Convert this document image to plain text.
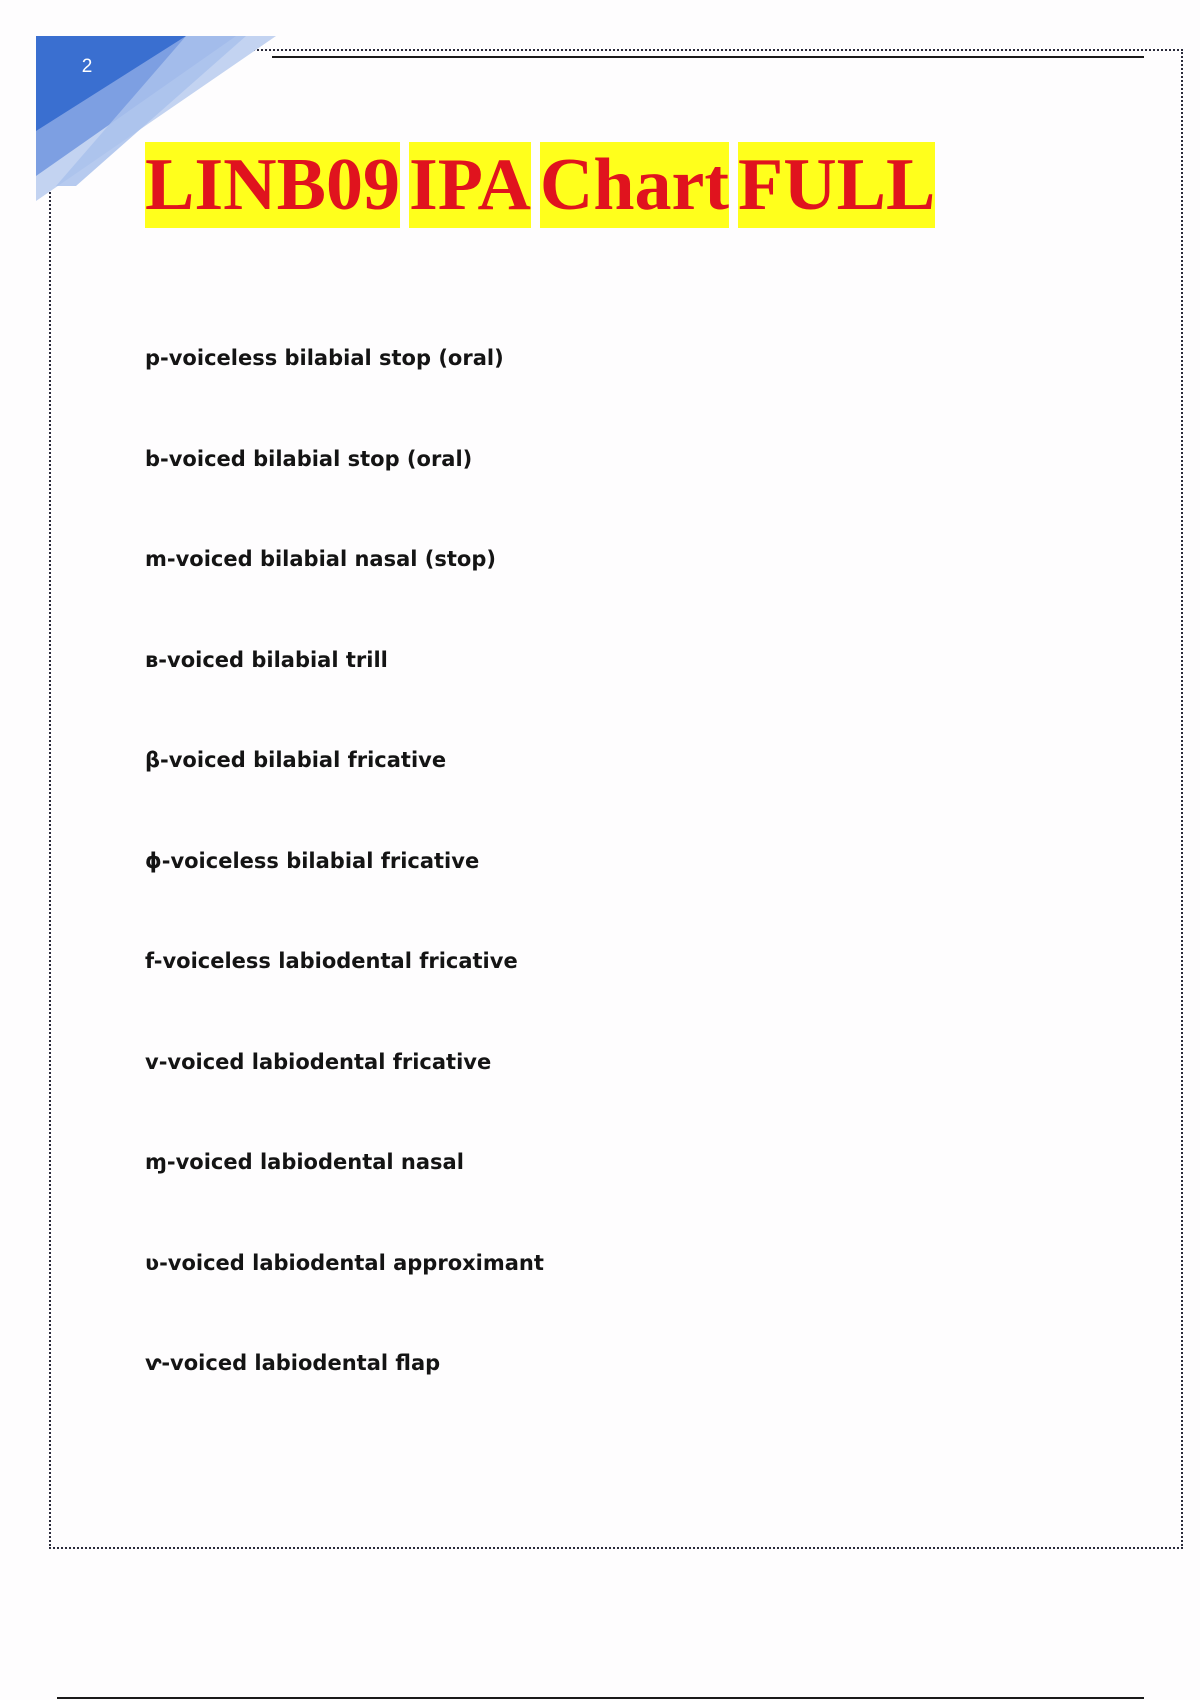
2
LINB09 IPA Chart FULL
p-voiceless bilabial stop (oral)
b-voiced bilabial stop (oral)
m-voiced bilabial nasal (stop)
ʙ-voiced bilabial trill
β-voiced bilabial fricative
ɸ-voiceless bilabial fricative
f-voiceless labiodental fricative
v-voiced labiodental fricative
ɱ-voiced labiodental nasal
ʋ-voiced labiodental approximant
ⱱ-voiced labiodental flap
